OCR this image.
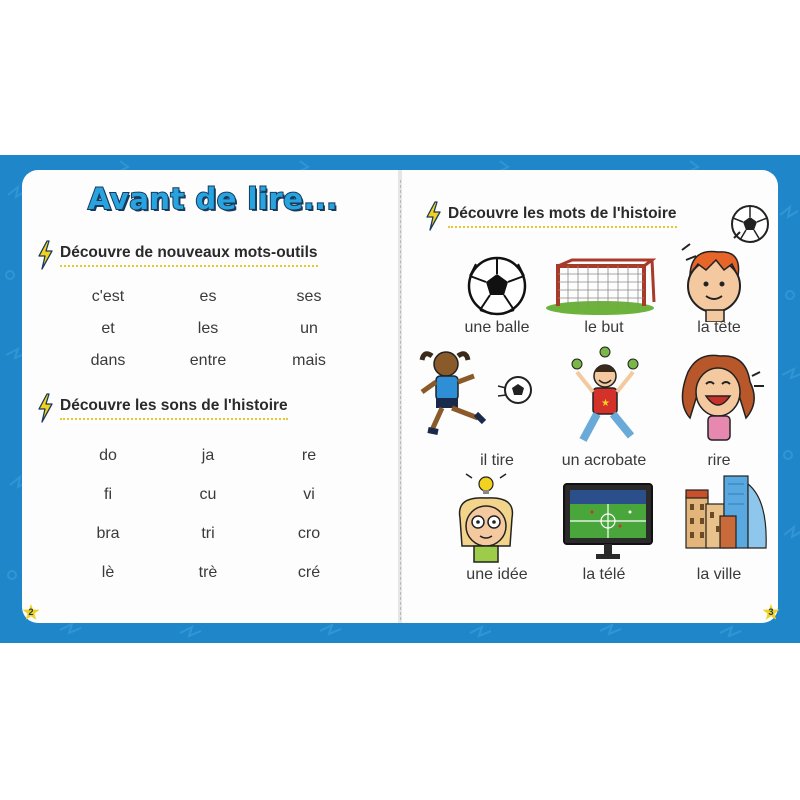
Avant de lire...
Découvre de nouveaux mots-outils
c'est	es	ses
et	les	un
dans	entre	mais
Découvre les sons de l'histoire
do	ja	re
fi	cu	vi
bra	tri	cro
lè	trè	cré
2
Découvre les mots de l'histoire
une balle	le but	la tête
★
il tire	un acrobate	rire
une idée	la télé	la ville
3
